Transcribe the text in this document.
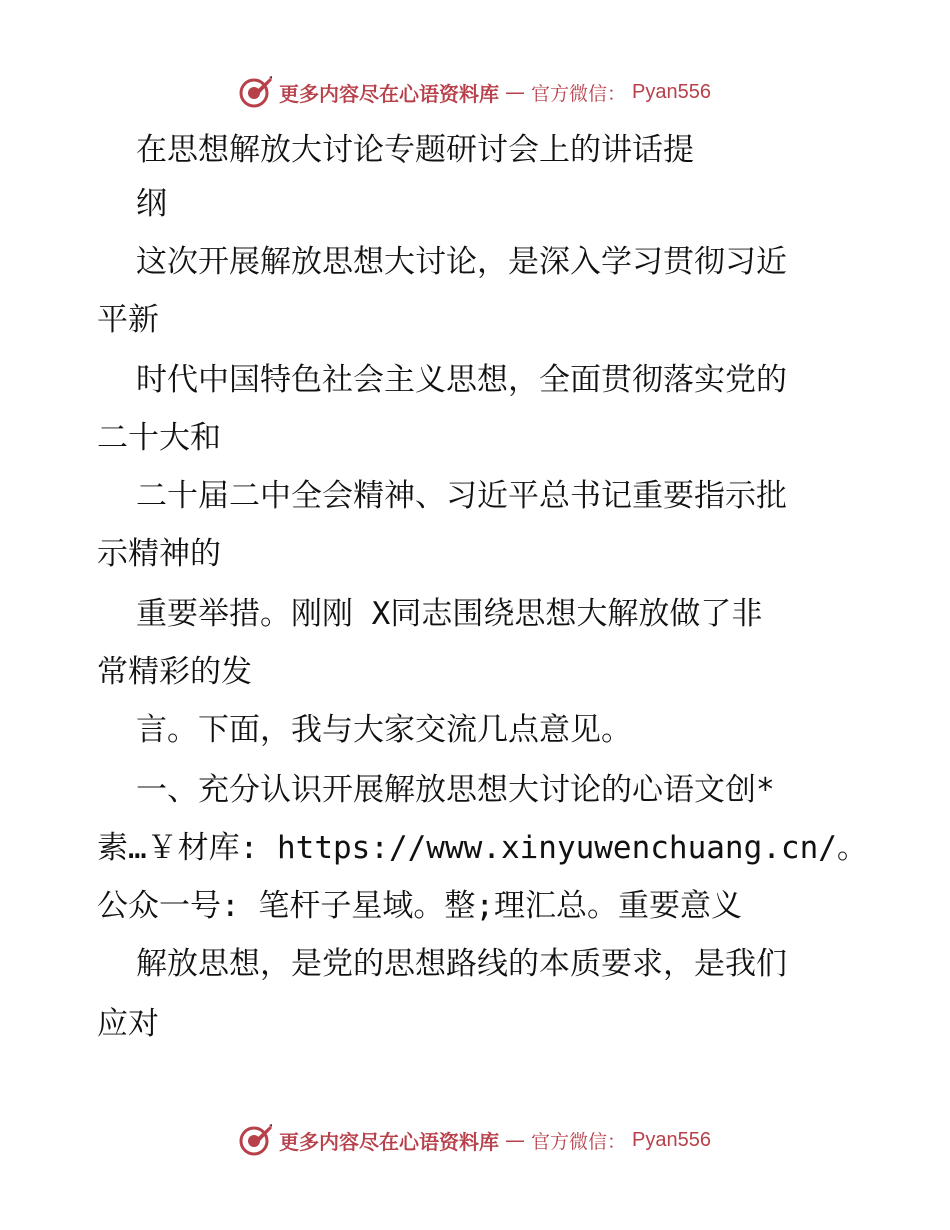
更多内容尽在心语资料库 — 官方微信： Pyan556
在思想解放大讨论专题研讨会上的讲话提
纲
这次开展解放思想大讨论，是深入学习贯彻习近
平新
时代中国特色社会主义思想，全面贯彻落实党的
二十大和
二十届二中全会精神、习近平总书记重要指示批
示精神的
重要举措。刚刚 X同志围绕思想大解放做了非
常精彩的发
言。下面，我与大家交流几点意见。
一、充分认识开展解放思想大讨论的心语文创*
素…￥材库: https://www.xinyuwenchuang.cn/。
公众一号: 笔杆子星域。整;理汇总。重要意义
解放思想，是党的思想路线的本质要求，是我们
应对
更多内容尽在心语资料库 — 官方微信： Pyan556
